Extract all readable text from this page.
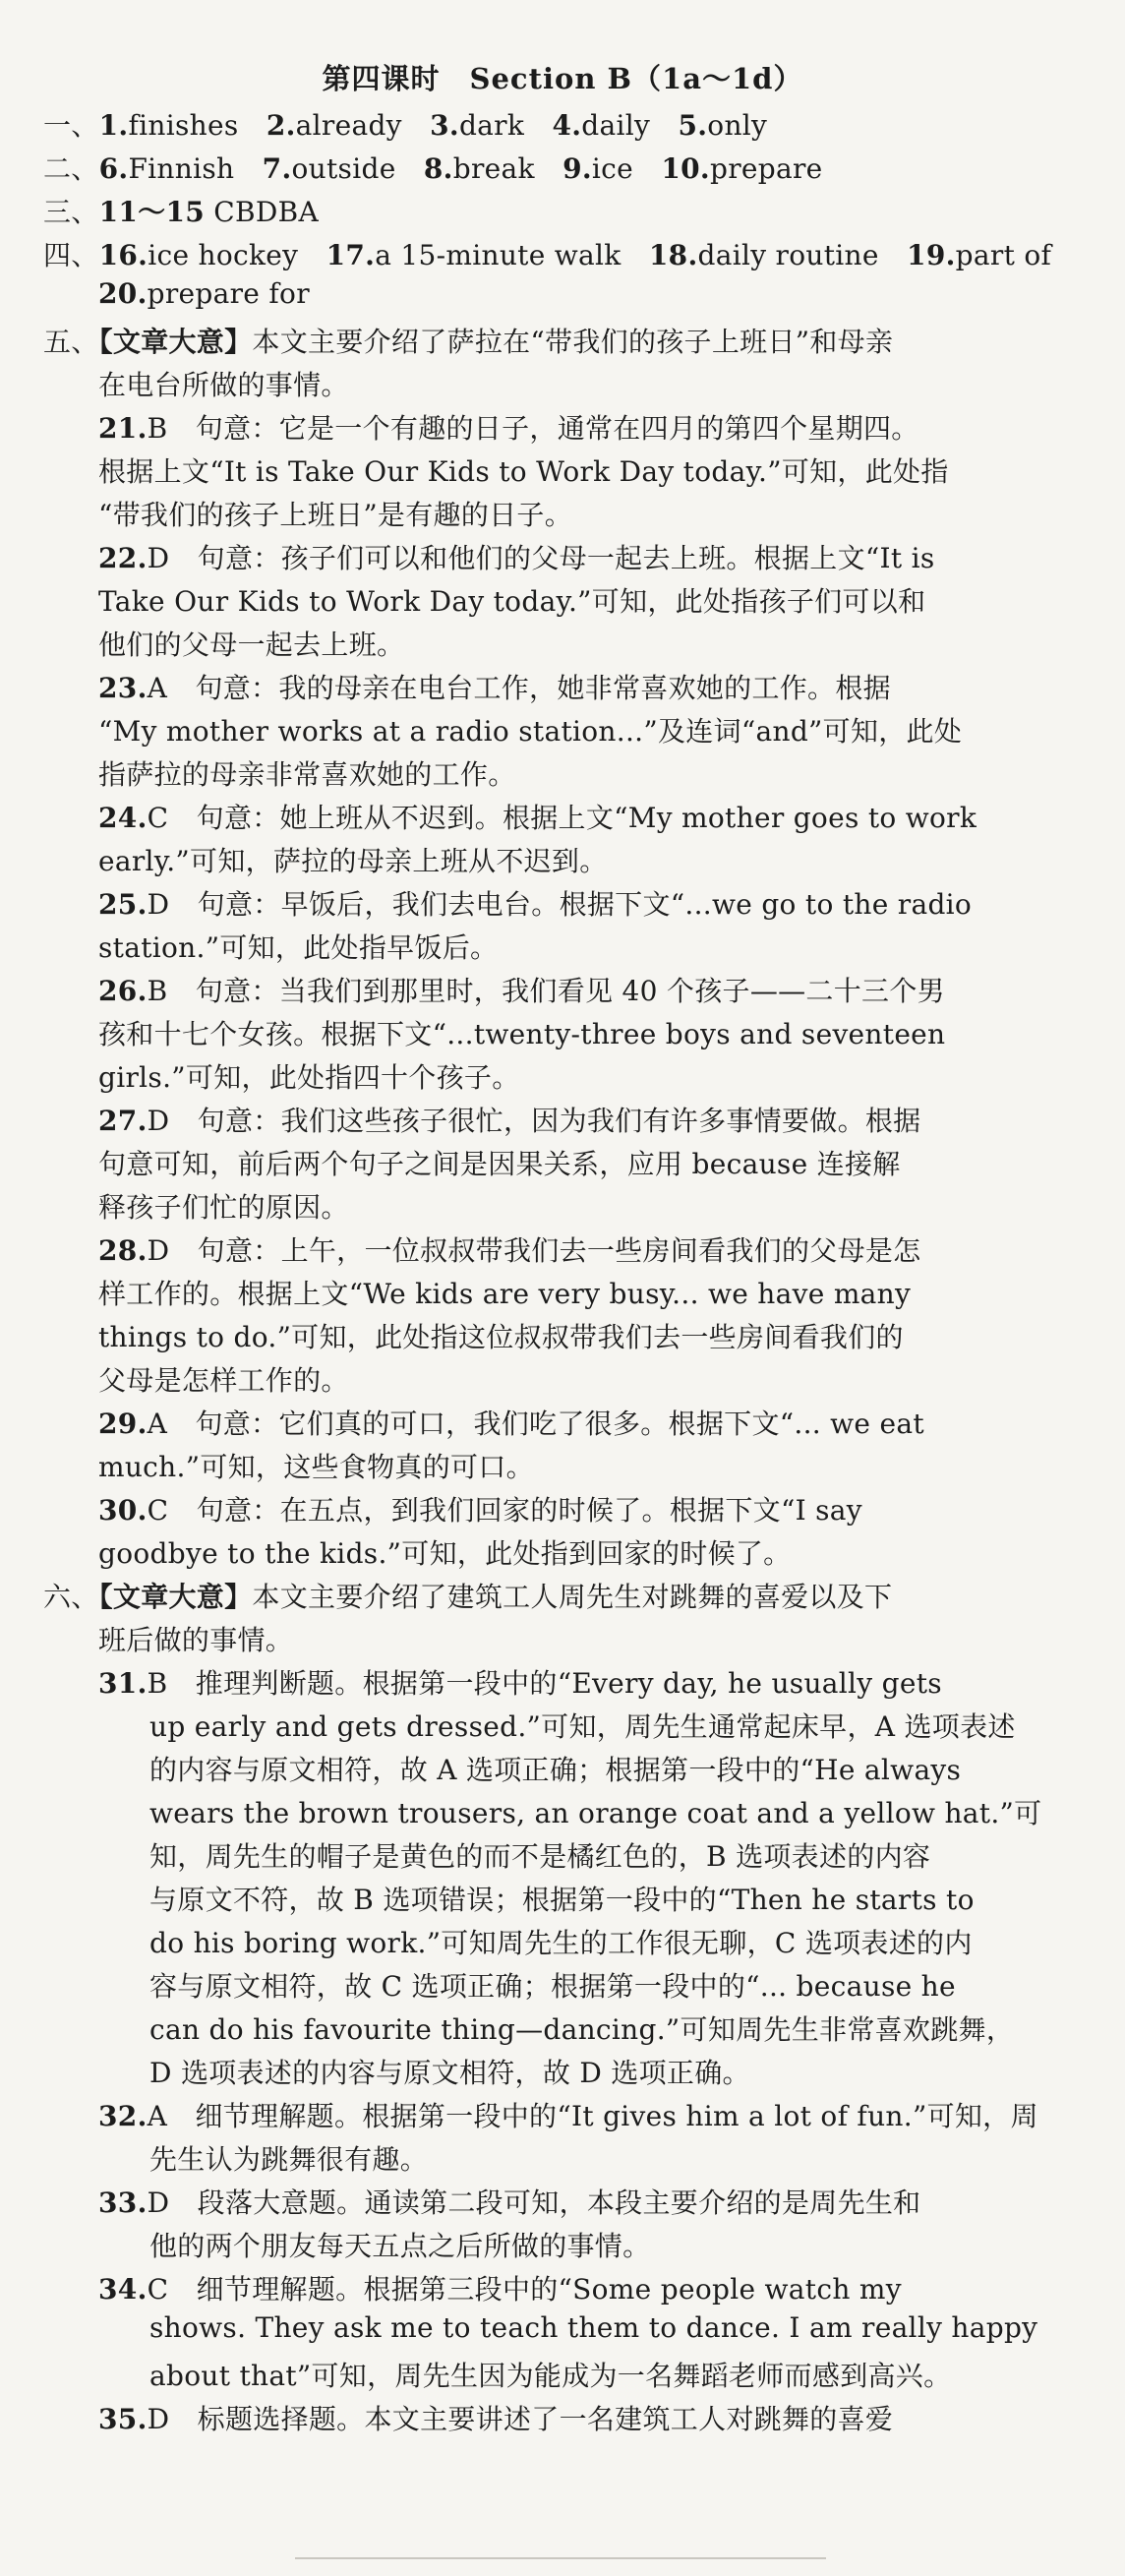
第四课时　Section B（1a～1d）
一、1.finishes　2.already　3.dark　4.daily　5.only
二、6.Finnish　7.outside　8.break　9.ice　10.prepare
三、11～15 CBDBA
四、16.ice hockey　17.a 15-minute walk　18.daily routine　19.part of
20.prepare for
五、【文章大意】本文主要介绍了萨拉在“带我们的孩子上班日”和母亲
在电台所做的事情。
21.B　句意：它是一个有趣的日子，通常在四月的第四个星期四。
根据上文“It is Take Our Kids to Work Day today.”可知，此处指
“带我们的孩子上班日”是有趣的日子。
22.D　句意：孩子们可以和他们的父母一起去上班。根据上文“It is
Take Our Kids to Work Day today.”可知，此处指孩子们可以和
他们的父母一起去上班。
23.A　句意：我的母亲在电台工作，她非常喜欢她的工作。根据
“My mother works at a radio station...”及连词“and”可知，此处
指萨拉的母亲非常喜欢她的工作。
24.C　句意：她上班从不迟到。根据上文“My mother goes to work
early.”可知，萨拉的母亲上班从不迟到。
25.D　句意：早饭后，我们去电台。根据下文“...we go to the radio
station.”可知，此处指早饭后。
26.B　句意：当我们到那里时，我们看见 40 个孩子——二十三个男
孩和十七个女孩。根据下文“...twenty-three boys and seventeen
girls.”可知，此处指四十个孩子。
27.D　句意：我们这些孩子很忙，因为我们有许多事情要做。根据
句意可知，前后两个句子之间是因果关系，应用 because 连接解
释孩子们忙的原因。
28.D　句意：上午，一位叔叔带我们去一些房间看我们的父母是怎
样工作的。根据上文“We kids are very busy... we have many
things to do.”可知，此处指这位叔叔带我们去一些房间看我们的
父母是怎样工作的。
29.A　句意：它们真的可口，我们吃了很多。根据下文“... we eat
much.”可知，这些食物真的可口。
30.C　句意：在五点，到我们回家的时候了。根据下文“I say
goodbye to the kids.”可知，此处指到回家的时候了。
六、【文章大意】本文主要介绍了建筑工人周先生对跳舞的喜爱以及下
班后做的事情。
31.B　推理判断题。根据第一段中的“Every day, he usually gets
up early and gets dressed.”可知，周先生通常起床早，A 选项表述
的内容与原文相符，故 A 选项正确；根据第一段中的“He always
wears the brown trousers, an orange coat and a yellow hat.”可
知，周先生的帽子是黄色的而不是橘红色的，B 选项表述的内容
与原文不符，故 B 选项错误；根据第一段中的“Then he starts to
do his boring work.”可知周先生的工作很无聊，C 选项表述的内
容与原文相符，故 C 选项正确；根据第一段中的“... because he
can do his favourite thing—dancing.”可知周先生非常喜欢跳舞，
D 选项表述的内容与原文相符，故 D 选项正确。
32.A　细节理解题。根据第一段中的“It gives him a lot of fun.”可知，周
先生认为跳舞很有趣。
33.D　段落大意题。通读第二段可知，本段主要介绍的是周先生和
他的两个朋友每天五点之后所做的事情。
34.C　细节理解题。根据第三段中的“Some people watch my
shows. They ask me to teach them to dance. I am really happy
about that”可知，周先生因为能成为一名舞蹈老师而感到高兴。
35.D　标题选择题。本文主要讲述了一名建筑工人对跳舞的喜爱
